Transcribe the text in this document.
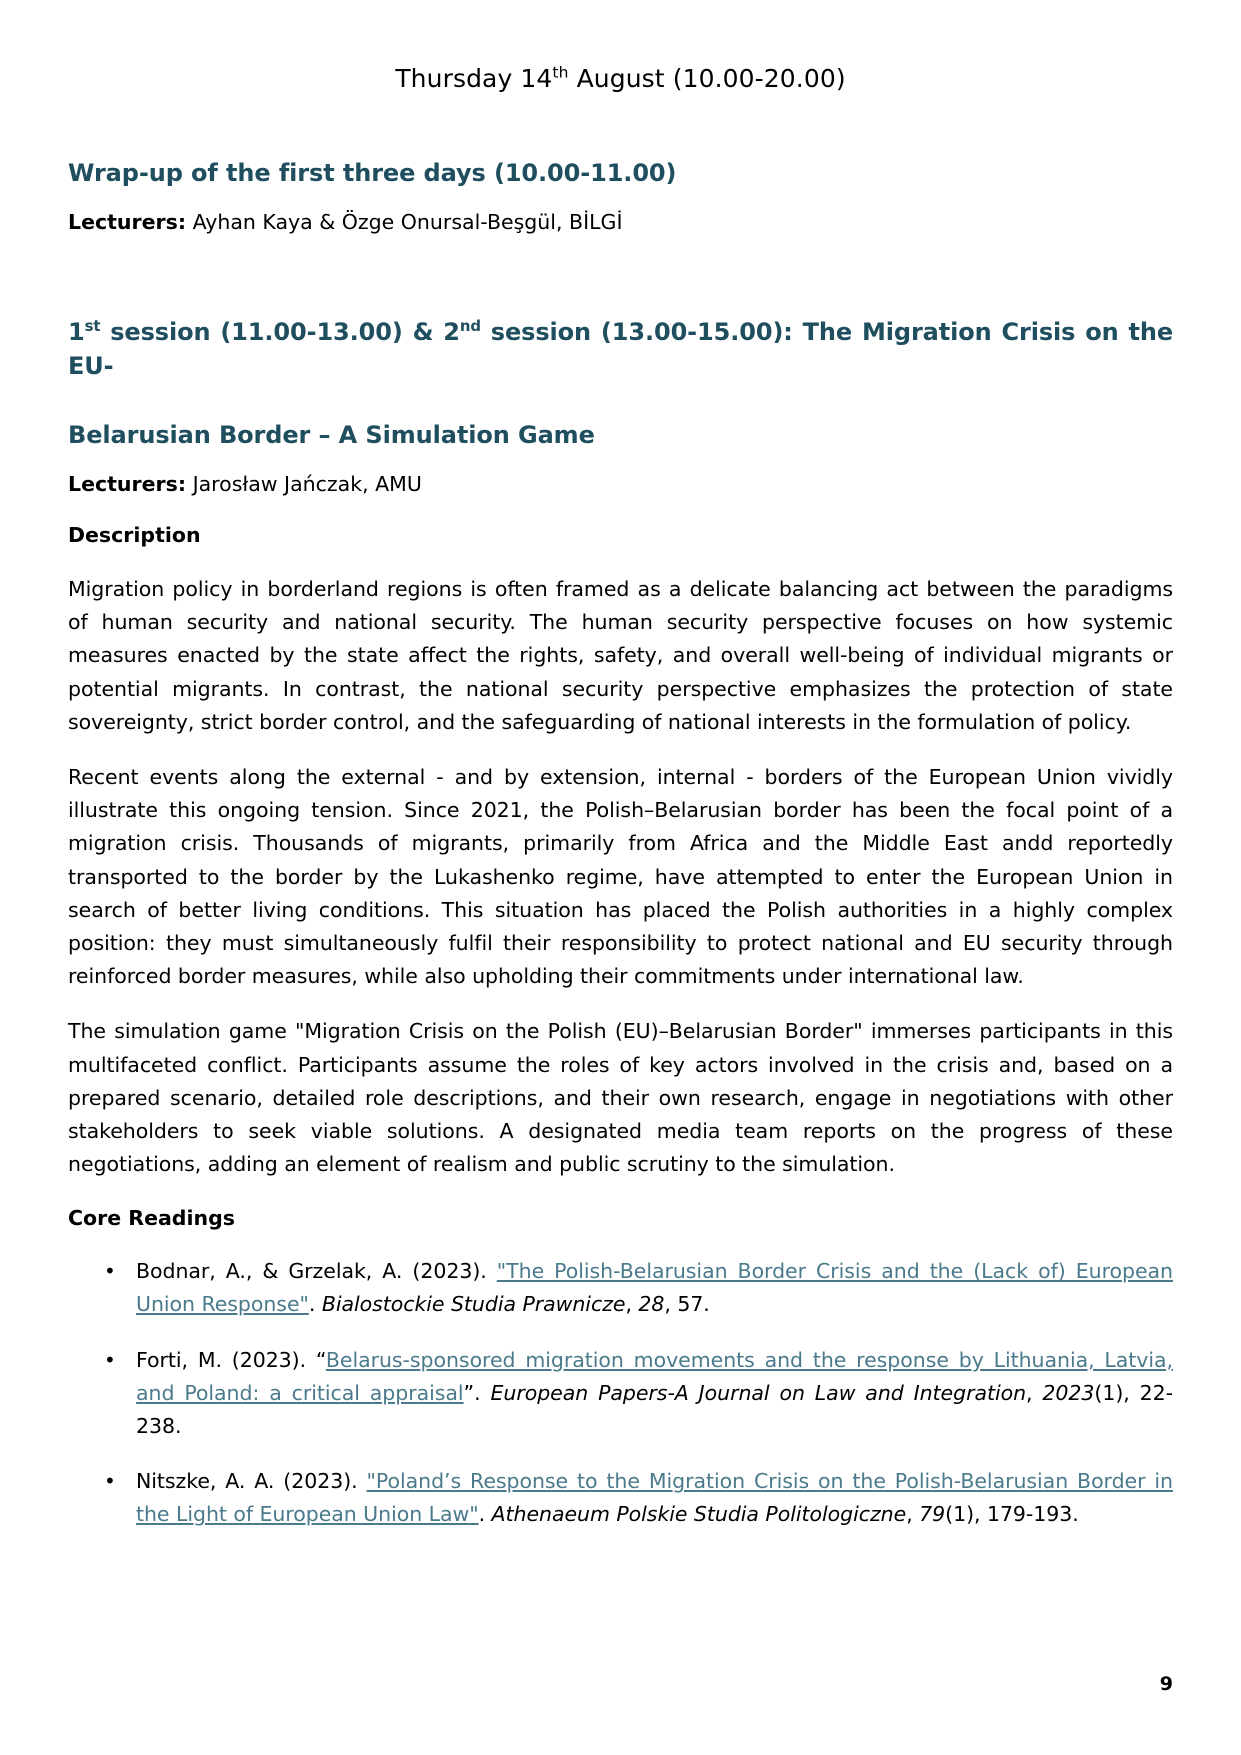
Thursday 14th August (10.00-20.00)
Wrap-up of the first three days (10.00-11.00)

Lecturers: Ayhan Kaya & Özge Onursal-Beşgül, BİLGİ

1st session (11.00-13.00) & 2nd session (13.00-15.00): The Migration Crisis on the EU-
Belarusian Border – A Simulation Game

Lecturers: Jarosław Jańczak, AMU

Description

Migration policy in borderland regions is often framed as a delicate balancing act between the paradigms of human security and national security. The human security perspective focuses on how systemic measures enacted by the state affect the rights, safety, and overall well-being of individual migrants or potential migrants. In contrast, the national security perspective emphasizes the protection of state sovereignty, strict border control, and the safeguarding of national interests in the formulation of policy.

Recent events along the external - and by extension, internal - borders of the European Union vividly illustrate this ongoing tension. Since 2021, the Polish–Belarusian border has been the focal point of a migration crisis. Thousands of migrants, primarily from Africa and the Middle East andd reportedly transported to the border by the Lukashenko regime, have attempted to enter the European Union in search of better living conditions. This situation has placed the Polish authorities in a highly complex position: they must simultaneously fulfil their responsibility to protect national and EU security through reinforced border measures, while also upholding their commitments under international law.

The simulation game "Migration Crisis on the Polish (EU)–Belarusian Border" immerses participants in this multifaceted conflict. Participants assume the roles of key actors involved in the crisis and, based on a prepared scenario, detailed role descriptions, and their own research, engage in negotiations with other stakeholders to seek viable solutions. A designated media team reports on the progress of these negotiations, adding an element of realism and public scrutiny to the simulation.

Core Readings

• Bodnar, A., & Grzelak, A. (2023). "The Polish-Belarusian Border Crisis and the (Lack of) European Union Response". Bialostockie Studia Prawnicze, 28, 57.
• Forti, M. (2023). “Belarus-sponsored migration movements and the response by Lithuania, Latvia, and Poland: a critical appraisal”. European Papers-A Journal on Law and Integration, 2023(1), 22-238.
• Nitszke, A. A. (2023). "Poland’s Response to the Migration Crisis on the Polish-Belarusian Border in the Light of European Union Law". Athenaeum Polskie Studia Politologiczne, 79(1), 179-193.
9
